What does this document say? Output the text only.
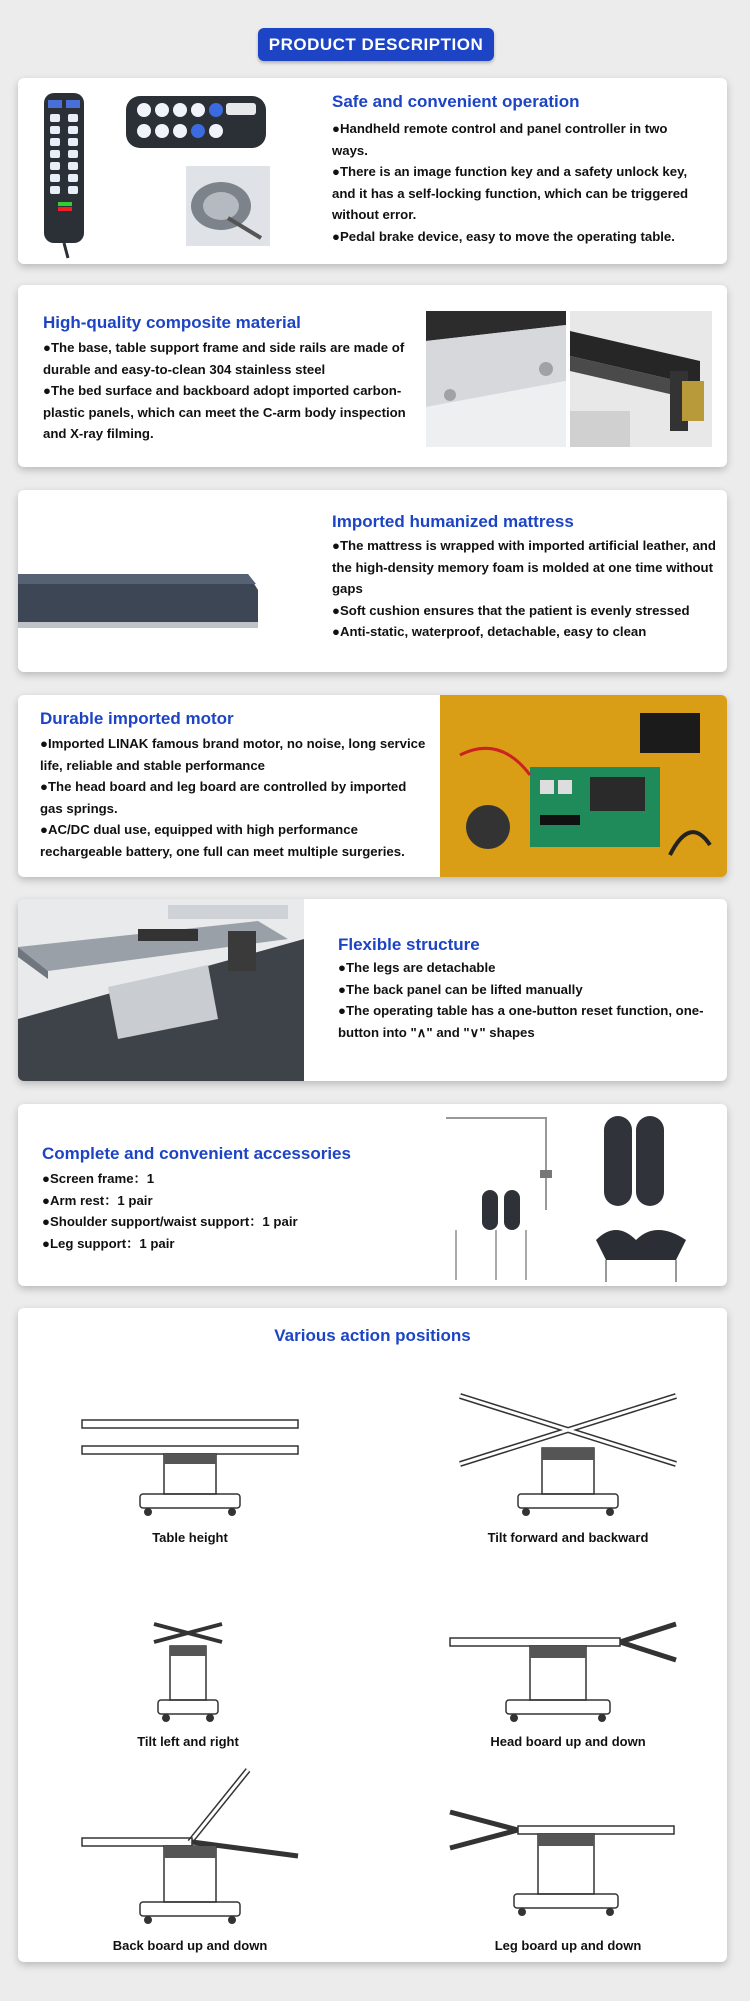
PRODUCT DESCRIPTION
Safe and convenient operation
●Handheld remote control and panel controller in two ways.
●There is an image function key and a safety unlock key, and it has a self-locking function, which can be triggered without error.
●Pedal brake device, easy to move the operating table.
High-quality composite material
●The base, table support frame and side rails are made of durable and easy-to-clean 304 stainless steel
●The bed surface and backboard adopt imported carbon-plastic panels, which can meet the C-arm body inspection and X-ray filming.
Imported humanized mattress
●The mattress is wrapped with imported artificial leather, and the high-density memory foam is molded at one time without gaps
●Soft cushion ensures that the patient is evenly stressed
●Anti-static, waterproof, detachable, easy to clean
Durable imported motor
●Imported LINAK famous brand motor, no noise, long service life, reliable and stable performance
●The head board and leg board are controlled by imported gas springs.
●AC/DC dual use, equipped with high performance rechargeable battery, one full can meet multiple surgeries.
Flexible structure
●The legs are detachable
●The back panel can be lifted manually
●The operating table has a one-button reset function, one-button into "∧" and "∨" shapes
Complete and convenient accessories
●Screen frame：1
●Arm rest：1 pair
●Shoulder support/waist support：1 pair
●Leg support：1 pair
Various action positions
Table height	Tilt forward and backward
Tilt left and right	Head board up and down
Back board up and down	Leg board up and down
